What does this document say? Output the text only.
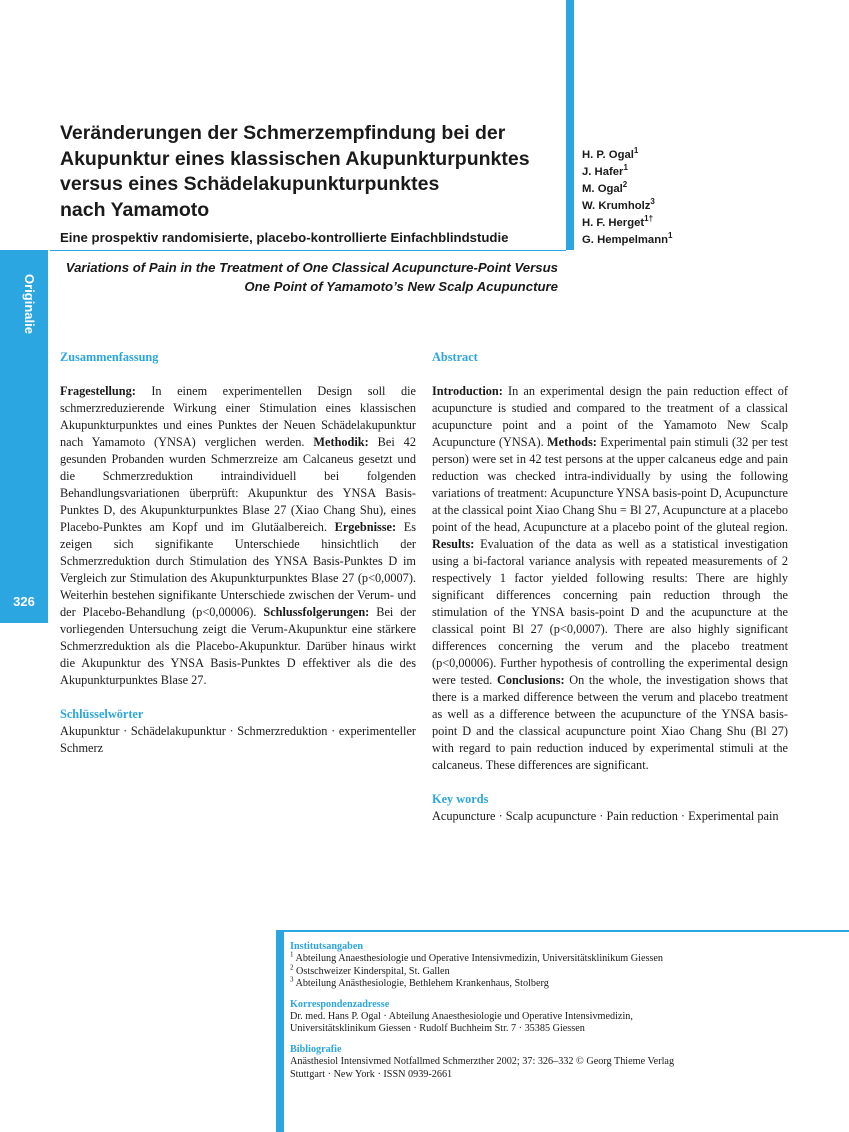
Originalie
326
Veränderungen der Schmerzempfindung bei der
Akupunktur eines klassischen Akupunkturpunktes
versus eines Schädelakupunkturpunktes
nach Yamamoto

Eine prospektiv randomisierte, placebo-kontrollierte Einfachblindstudie

Variations of Pain in the Treatment of One Classical Acupuncture-Point Versus
One Point of Yamamoto’s New Scalp Acupuncture

H. P. Ogal$^1$
J. Hafer$^1$
M. Ogal$^2$
W. Krumholz$^3$
H. F. Herget$^{1\dagger}$
G. Hempelmann$^1$

Zusammenfassung

Fragestellung: In einem experimentellen Design soll die schmerzreduzierende Wirkung einer Stimulation eines klassischen Akupunkturpunktes und eines Punktes der Neuen Schädelakupunktur nach Yamamoto (YNSA) verglichen werden. Methodik: Bei 42 gesunden Probanden wurden Schmerzreize am Calcaneus gesetzt und die Schmerzreduktion intraindividuell bei folgenden Behandlungsvariationen überprüft: Akupunktur des YNSA Basis-Punktes D, des Akupunkturpunktes Blase 27 (Xiao Chang Shu), eines Placebo-Punktes am Kopf und im Glutäalbereich. Ergebnisse: Es zeigen sich signifikante Unterschiede hinsichtlich der Schmerzreduktion durch Stimulation des YNSA Basis-Punktes D im Vergleich zur Stimulation des Akupunkturpunktes Blase 27 (p<0,0007). Weiterhin bestehen signifikante Unterschiede zwischen der Verum- und der Placebo-Behandlung (p<0,00006). Schlussfolgerungen: Bei der vorliegenden Untersuchung zeigt die Verum-Akupunktur eine stärkere Schmerzreduktion als die Placebo-Akupunktur. Darüber hinaus wirkt die Akupunktur des YNSA Basis-Punktes D effektiver als die des Akupunkturpunktes Blase 27.

Schlüsselwörter

Akupunktur · Schädelakupunktur · Schmerzreduktion · experimenteller Schmerz

Abstract

Introduction: In an experimental design the pain reduction effect of acupuncture is studied and compared to the treatment of a classical acupuncture point and a point of the Yamamoto New Scalp Acupuncture (YNSA). Methods: Experimental pain stimuli (32 per test person) were set in 42 test persons at the upper calcaneus edge and pain reduction was checked intra-individually by using the following variations of treatment: Acupuncture YNSA basis-point D, Acupuncture at the classical point Xiao Chang Shu = Bl 27, Acupuncture at a placebo point of the head, Acupuncture at a placebo point of the gluteal region. Results: Evaluation of the data as well as a statistical investigation using a bi-factoral variance analysis with repeated measurements of 2 respectively 1 factor yielded following results: There are highly significant differences concerning pain reduction through the stimulation of the YNSA basis-point D and the acupuncture at the classical point Bl 27 (p<0,0007). There are also highly significant differences concerning the verum and the placebo treatment (p<0,00006). Further hypothesis of controlling the experimental design were tested. Conclusions: On the whole, the investigation shows that there is a marked difference between the verum and placebo treatment as well as a difference between the acupuncture of the YNSA basis-point D and the classical acupuncture point Xiao Chang Shu (Bl 27) with regard to pain reduction induced by experimental stimuli at the calcaneus. These differences are significant.

Key words

Acupuncture · Scalp acupuncture · Pain reduction · Experimental pain

Institutsangaben

$^1$ Abteilung Anaesthesiologie und Operative Intensivmedizin, Universitätsklinikum Giessen

$^2$ Ostschweizer Kinderspital, St. Gallen

$^3$ Abteilung Anästhesiologie, Bethlehem Krankenhaus, Stolberg

Korrespondenzadresse

Dr. med. Hans P. Ogal · Abteilung Anaesthesiologie und Operative Intensivmedizin,

Universitätsklinikum Giessen · Rudolf Buchheim Str. 7 · 35385 Giessen

Bibliografie

Anästhesiol Intensivmed Notfallmed Schmerzther 2002; 37: 326–332 © Georg Thieme Verlag

Stuttgart · New York · ISSN 0939-2661
